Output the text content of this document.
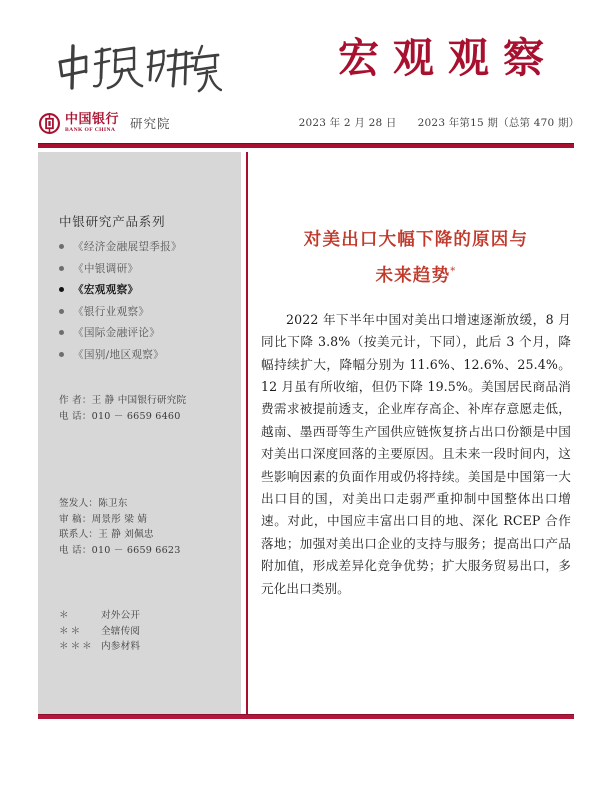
宏观观察
中国银行
BANK OF CHINA 研究院	2023 年 2 月 28 日 2023 年第15 期（总第 470 期）
中银研究产品系列
《经济金融展望季报》
《中银调研》
《宏观观察》
《银行业观察》
《国际金融评论》
《国别/地区观察》
作 者：王 静 中国银行研究院
电 话：010 － 6659 6460
签发人：陈卫东
审 稿：周景彤 梁 婧
联系人：王 静 刘佩忠
电 话：010 － 6659 6623
＊	对外公开
＊＊ 全辖传阅
＊＊＊ 内参材料
对美出口大幅下降的原因与
未来趋势*

2022 年下半年中国对美出口增速逐渐放缓，8 月同比下降 3.8%（按美元计，下同），此后 3 个月，降幅持续扩大，降幅分别为 11.6%、12.6%、25.4%。12 月虽有所收缩，但仍下降 19.5%。美国居民商品消费需求被提前透支，企业库存高企、补库存意愿走低，越南、墨西哥等生产国供应链恢复挤占出口份额是中国对美出口深度回落的主要原因。且未来一段时间内，这些影响因素的负面作用或仍将持续。美国是中国第一大出口目的国，对美出口走弱严重抑制中国整体出口增速。对此，中国应丰富出口目的地、深化 RCEP 合作落地；加强对美出口企业的支持与服务；提高出口产品附加值，形成差异化竞争优势；扩大服务贸易出口，多元化出口类别。
